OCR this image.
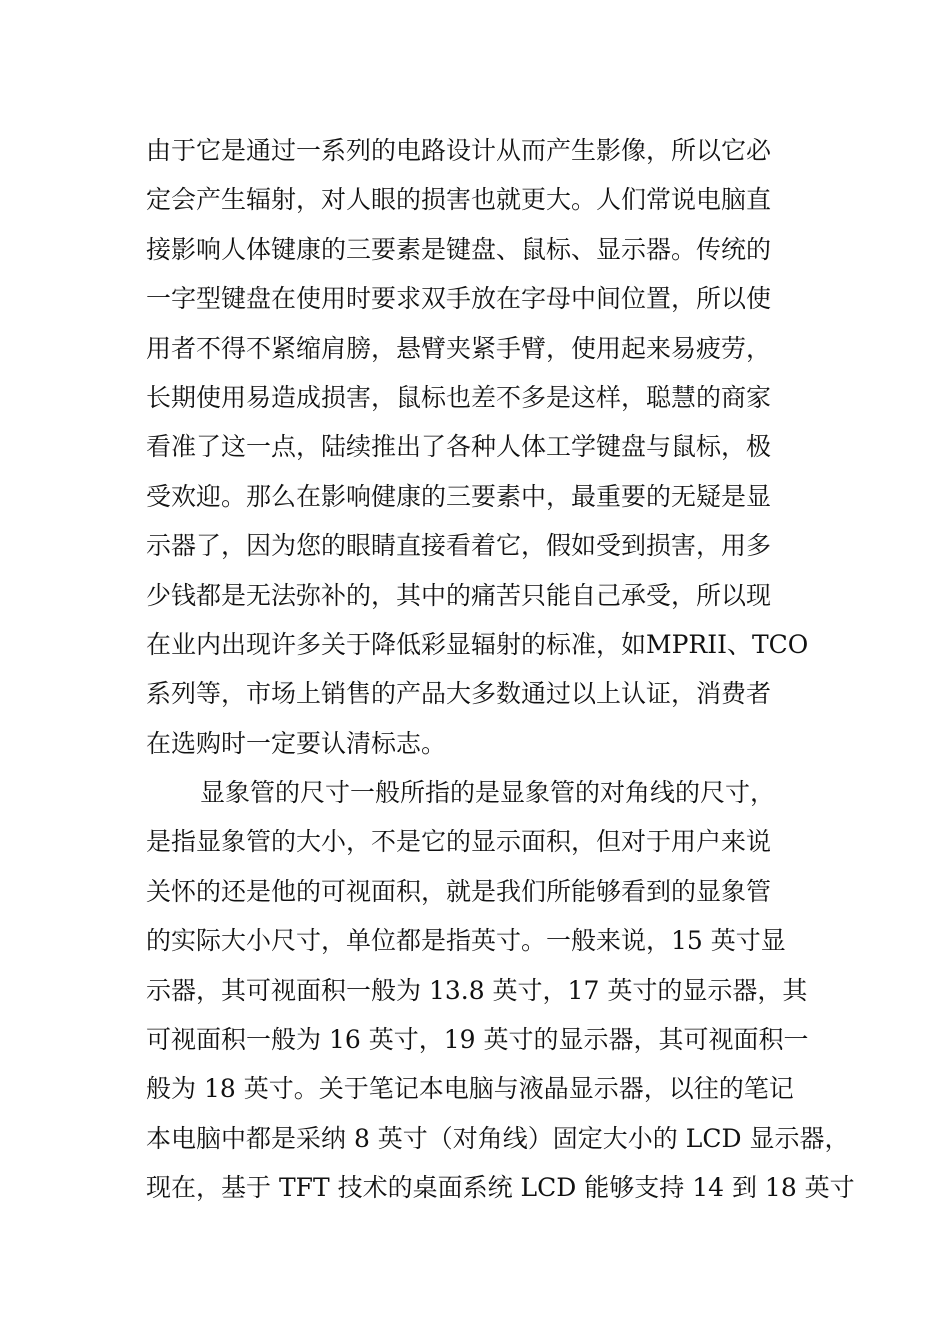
由于它是通过一系列的电路设计从而产生影像，所以它必
定会产生辐射，对人眼的损害也就更大。人们常说电脑直
接影响人体键康的三要素是键盘、鼠标、显示器。传统的
一字型键盘在使用时要求双手放在字母中间位置，所以使
用者不得不紧缩肩膀，悬臂夹紧手臂，使用起来易疲劳，
长期使用易造成损害，鼠标也差不多是这样，聪慧的商家
看准了这一点，陆续推出了各种人体工学键盘与鼠标，极
受欢迎。那么在影响健康的三要素中，最重要的无疑是显
示器了，因为您的眼睛直接看着它，假如受到损害，用多
少钱都是无法弥补的，其中的痛苦只能自己承受，所以现
在业内出现许多关于降低彩显辐射的标准，如MPRII、TCO
系列等，市场上销售的产品大多数通过以上认证，消费者
在选购时一定要认清标志。
显象管的尺寸一般所指的是显象管的对角线的尺寸，
是指显象管的大小，不是它的显示面积，但对于用户来说
关怀的还是他的可视面积，就是我们所能够看到的显象管
的实际大小尺寸，单位都是指英寸。一般来说，15 英寸显
示器，其可视面积一般为 13.8 英寸，17 英寸的显示器，其
可视面积一般为 16 英寸，19 英寸的显示器，其可视面积一
般为 18 英寸。关于笔记本电脑与液晶显示器，以往的笔记
本电脑中都是采纳 8 英寸（对角线）固定大小的 LCD 显示器，
现在，基于 TFT 技术的桌面系统 LCD 能够支持 14 到 18 英寸
